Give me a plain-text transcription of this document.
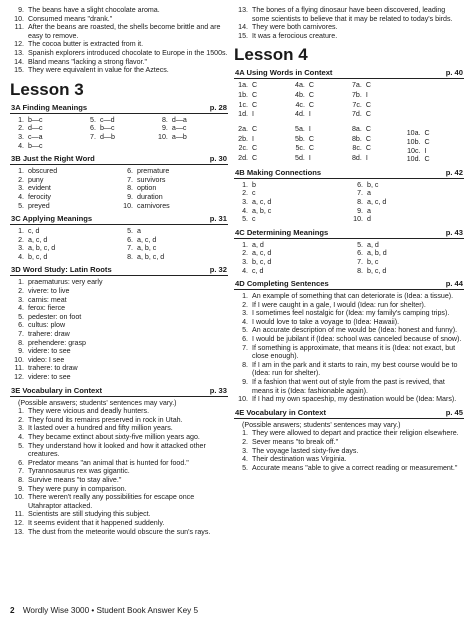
9. The beans have a slight chocolate aroma.
10. Consumed means "drank."
11. After the beans are roasted, the shells become brittle and are easy to remove.
12. The cocoa butter is extracted from it.
13. Spanish explorers introduced chocolate to Europe in the 1500s.
14. Bland means "lacking a strong flavor."
15. They were equivalent in value for the Aztecs.
Lesson 3
3A Finding Meanings	p. 28
1. b—c	5. c—d	8. d—a
2. d—c	6. b—c	9. a—c
3. c—a	7. d—b	10. a—b
4. b—c
3B Just the Right Word	p. 30
1. obscured	6. premature
2. puny	7. survivors
3. evident	8. option
4. ferocity	9. duration
5. preyed	10. carnivores
3C Applying Meanings	p. 31
1. c, d	5. a
2. a, c, d	6. a, c, d
3. a, b, c, d	7. a, b, c
4. b, c, d	8. a, b, c, d
3D Word Study: Latin Roots	p. 32
1. praematurus: very early
2. vivere: to live
3. carnis: meat
4. ferox: fierce
5. pedester: on foot
6. cultus: plow
7. trahere: draw
8. prehendere: grasp
9. videre: to see
10. video: I see
11. trahere: to draw
12. videre: to see
3E Vocabulary in Context	p. 33
(Possible answers; students' sentences may vary.)
1. They were vicious and deadly hunters.
2. They found its remains preserved in rock in Utah.
3. It lasted over a hundred and fifty million years.
4. They became extinct about sixty-five million years ago.
5. They understand how it looked and how it attacked other creatures.
6. Predator means "an animal that is hunted for food."
7. Tyrannosaurus rex was gigantic.
8. Survive means "to stay alive."
9. They were puny in comparison.
10. There weren't really any possibilities for escape once Utahraptor attacked.
11. Scientists are still studying this subject.
12. It seems evident that it happened suddenly.
13. The dust from the meteorite would obscure the sun's rays.
13. The bones of a flying dinosaur have been discovered, leading some scientists to believe that it may be related to today's birds.
14. They were both carnivores.
15. It was a ferocious creature.
Lesson 4
4A Using Words in Context	p. 40
1a. C	4a. C	7a. C
1b. C	4b. C	7b. I
1c. C	4c. C	7c. C
1d. I	4d. I	7d. C
2a. C	5a. I	8a. C
2b. I	5b. C	8b. C
2c. C	5c. C	8c. C
2d. C	5d. I	8d. I
10a. C
10b. C
10c. I
10d. C
4B Making Connections	p. 42
1. b	6. b, c
2. c	7. a
3. a, c, d	8. a, c, d
4. a, b, c	9. a
5. c	10. d
4C Determining Meanings	p. 43
1. a, d	5. a, d
2. a, c, d	6. a, b, d
3. b, c, d	7. b, c
4. c, d	8. b, c, d
4D Completing Sentences	p. 44
1. An example of something that can deteriorate is (Idea: a tissue).
2. If I were caught in a gale, I would (Idea: run for shelter).
3. I sometimes feel nostalgic for (Idea: my family's camping trips).
4. I would love to take a voyage to (Idea: Hawaii).
5. An accurate description of me would be (Idea: honest and funny).
6. I would be jubilant if (Idea: school was canceled because of snow).
7. If something is approximate, that means it is (Idea: not exact, but close enough).
8. If I am in the park and it starts to rain, my best course would be to (Idea: run for shelter).
9. If a fashion that went out of style from the past is revived, that means it is (Idea: fashionable again).
10. If I had my own spaceship, my destination would be (Idea: Mars).
4E Vocabulary in Context	p. 45
(Possible answers; students' sentences may vary.)
1. They were allowed to depart and practice their religion elsewhere.
2. Sever means "to break off."
3. The voyage lasted sixty-five days.
4. Their destination was Virginia.
5. Accurate means "able to give a correct reading or measurement."
2 Wordly Wise 3000 • Student Book Answer Key 5
